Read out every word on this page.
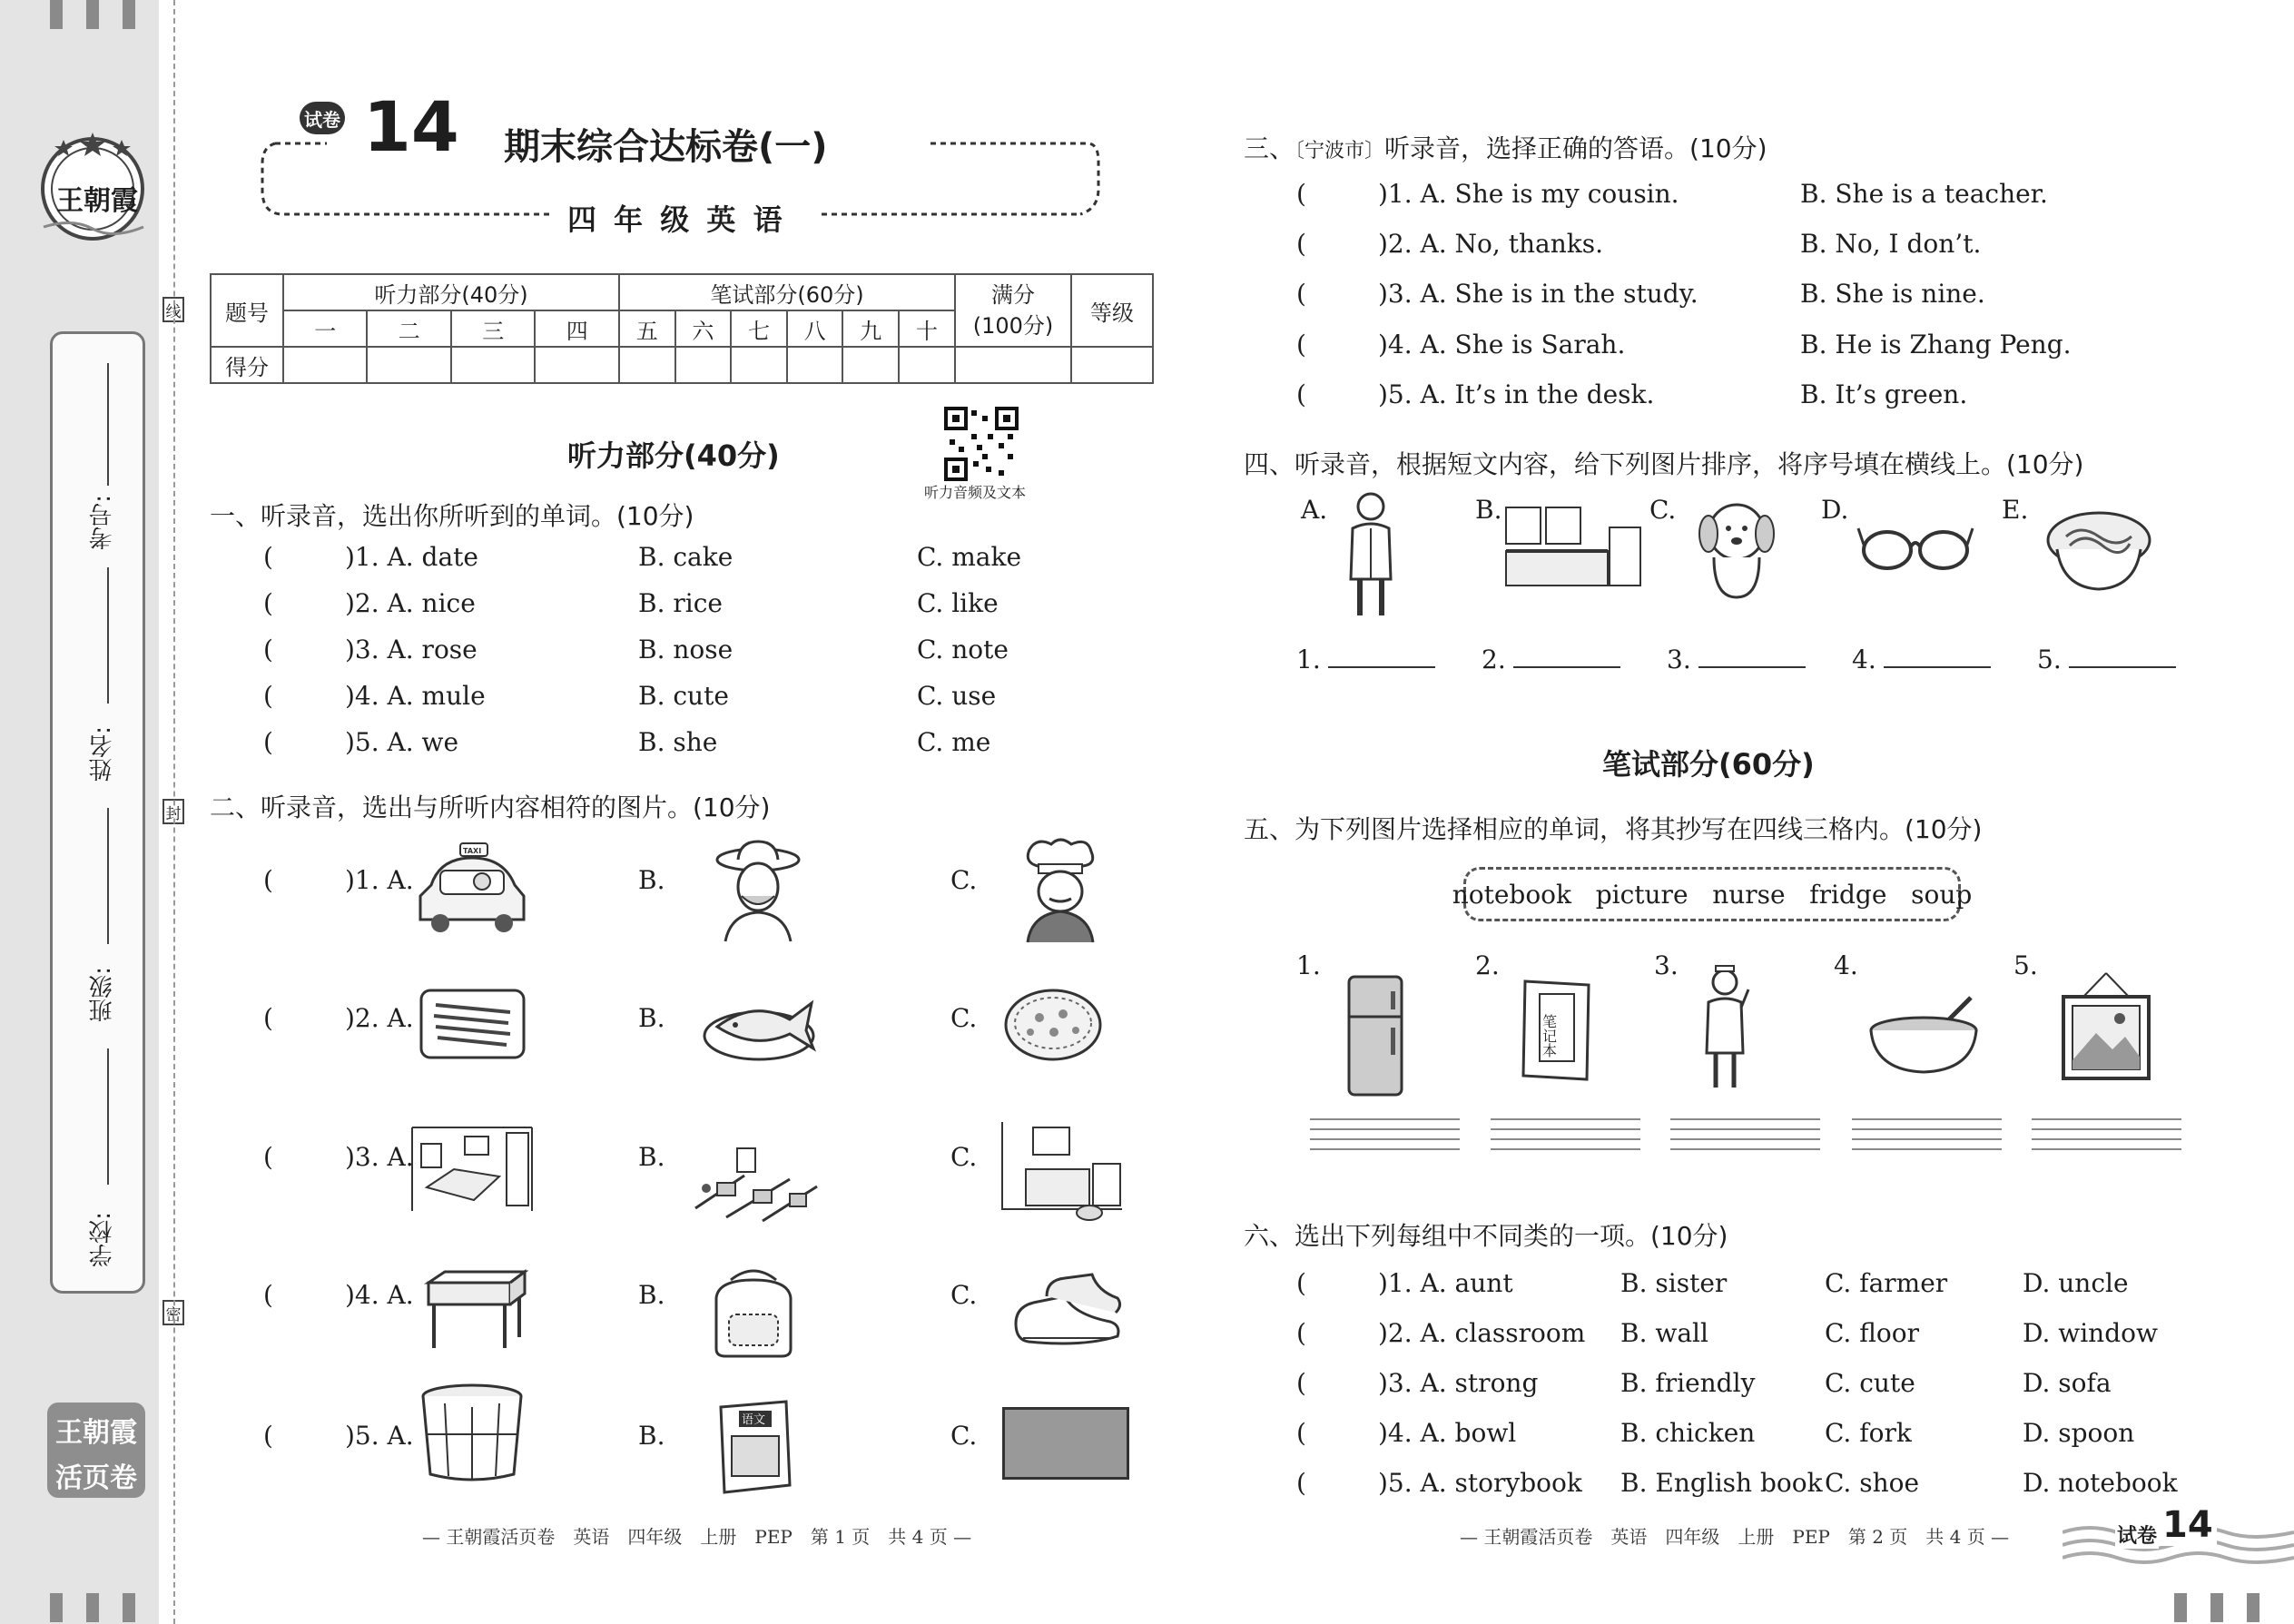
王朝霞
考号:
姓名:
班级:
学校:
线
封
密
王朝霞
活页卷
试卷 14 期末综合达标卷(一)
四 年 级 英 语
题号	听力部分(40分)				笔试部分(60分)						满分
(100分)	等级
	一	二	三	四	五	六	七	八	九	十		
得分												
听力音频及文本
听力部分(40分)
一、听录音，选出你所听到的单词。(10分)
(	)1. A. date	B. cake	C. make
(	)2. A. nice	B. rice	C. like
(	)3. A. rose	B. nose	C. note
(	)4. A. mule	B. cute	C. use
(	)5. A. we	B. she	C. me
二、听录音，选出与所听内容相符的图片。(10分)
(	)1. A.
TAXI
B.	C.
(	)2. A.	B.	C.
(	)3. A.	B.	C.
(	)4. A.	B.	C.
(	)5. A.	B.
语文
C.
— 王朝霞活页卷　英语　四年级　上册　PEP　第 1 页　共 4 页 —
三、〔宁波市〕听录音，选择正确的答语。(10分)
(	)1. A. She is my cousin.	B. She is a teacher.
(	)2. A. No, thanks.	B. No, I don’t.
(	)3. A. She is in the study.	B. She is nine.
(	)4. A. She is Sarah.	B. He is Zhang Peng.
(	)5. A. It’s in the desk.	B. It’s green.
四、听录音，根据短文内容，给下列图片排序，将序号填在横线上。(10分)
A.	B.	C.	D.	E.
1.	2.	3.	4.	5.
笔试部分(60分)
五、为下列图片选择相应的单词，将其抄写在四线三格内。(10分)
notebook   picture   nurse   fridge   soup
1.	2.
笔记本
3.	4.	5.
六、选出下列每组中不同类的一项。(10分)
(	)1. A. aunt	B. sister	C. farmer	D. uncle
(	)2. A. classroom B. wall	C. floor	D. window
(	)3. A. strong	B. friendly	C. cute	D. sofa
(	)4. A. bowl	B. chicken	C. fork	D. spoon
(	)5. A. storybook B. English book C. shoe	D. notebook
— 王朝霞活页卷　英语　四年级　上册　PEP　第 2 页　共 4 页 —	试卷 14
